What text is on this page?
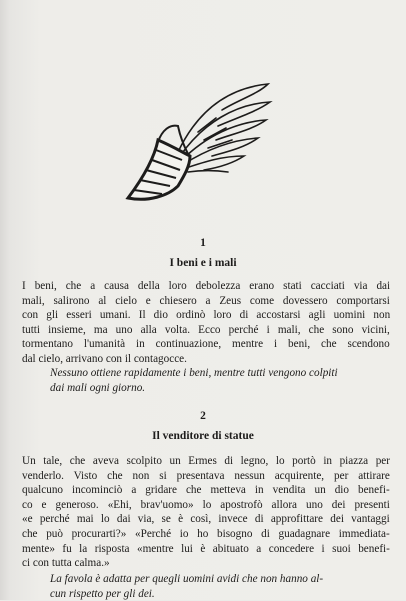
1
I beni e i mali

I beni, che a causa della loro debolezza erano stati cacciati via dai
mali, salirono al cielo e chiesero a Zeus come dovessero comportarsi
con gli esseri umani. Il dio ordinò loro di accostarsi agli uomini non
tutti insieme, ma uno alla volta. Ecco perché i mali, che sono vicini,
tormentano l'umanità in continuazione, mentre i beni, che scendono
dal cielo, arrivano con il contagocce.

Nessuno ottiene rapidamente i beni, mentre tutti vengono colpiti
dai mali ogni giorno.

2
Il venditore di statue

Un tale, che aveva scolpito un Ermes di legno, lo portò in piazza per
venderlo. Visto che non si presentava nessun acquirente, per attirare
qualcuno incominciò a gridare che metteva in vendita un dio benefi-
co e generoso. «Ehi, brav'uomo» lo apostrofò allora uno dei presenti
«e perché mai lo dai via, se è così, invece di approfittare dei vantaggi
che può procurarti?» «Perché io ho bisogno di guadagnare immediata-
mente» fu la risposta «mentre lui è abituato a concedere i suoi benefi-
ci con tutta calma.»

La favola è adatta per quegli uomini avidi che non hanno al-
cun rispetto per gli dei.
